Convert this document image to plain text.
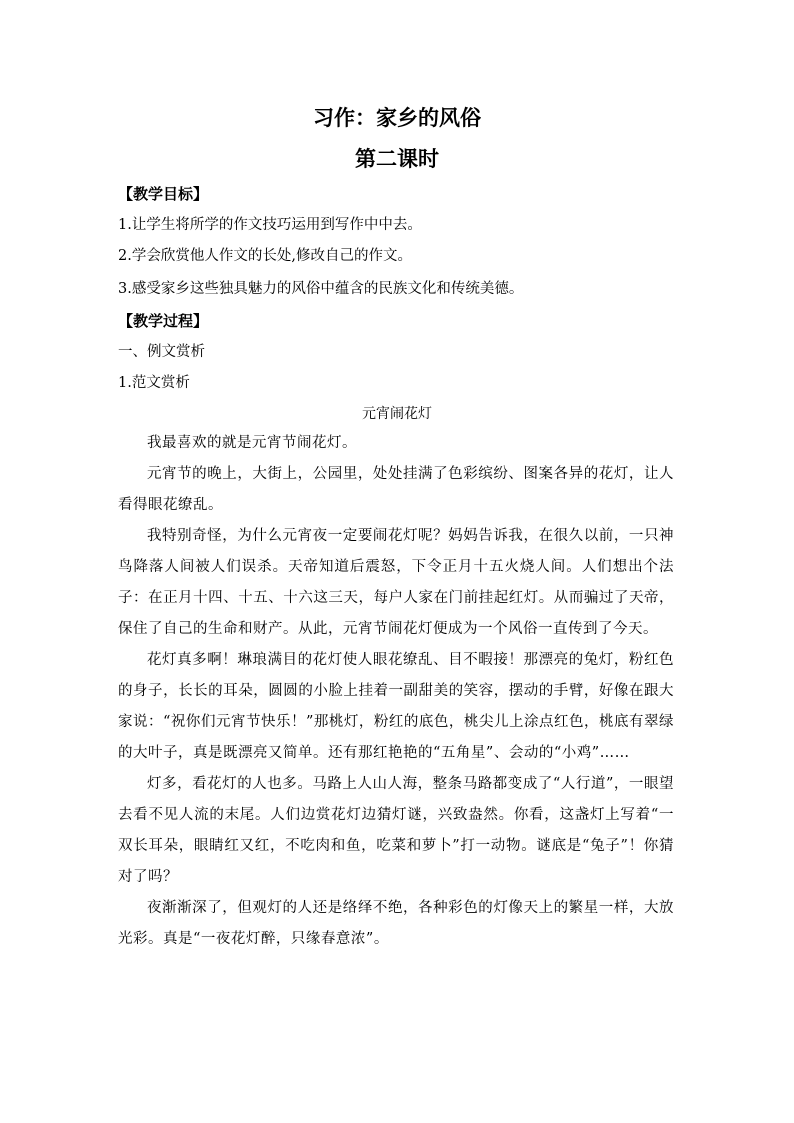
习作：家乡的风俗
第二课时
【教学目标】
1.让学生将所学的作文技巧运用到写作中中去。
2.学会欣赏他人作文的长处,修改自己的作文。
3.感受家乡这些独具魅力的风俗中蕴含的民族文化和传统美德。
【教学过程】
一、例文赏析
1.范文赏析
元宵闹花灯

我最喜欢的就是元宵节闹花灯。

元宵节的晚上，大街上，公园里，处处挂满了色彩缤纷、图案各异的花灯，让人看得眼花缭乱。

我特别奇怪，为什么元宵夜一定要闹花灯呢？妈妈告诉我，在很久以前，一只神鸟降落人间被人们误杀。天帝知道后震怒，下令正月十五火烧人间。人们想出个法子：在正月十四、十五、十六这三天，每户人家在门前挂起红灯。从而骗过了天帝，保住了自己的生命和财产。从此，元宵节闹花灯便成为一个风俗一直传到了今天。

花灯真多啊！琳琅满目的花灯使人眼花缭乱、目不暇接！那漂亮的兔灯，粉红色的身子，长长的耳朵，圆圆的小脸上挂着一副甜美的笑容，摆动的手臂，好像在跟大家说：“祝你们元宵节快乐！”那桃灯，粉红的底色，桃尖儿上涂点红色，桃底有翠绿的大叶子，真是既漂亮又简单。还有那红艳艳的“五角星”、会动的“小鸡”……

灯多，看花灯的人也多。马路上人山人海，整条马路都变成了“人行道”，一眼望去看不见人流的末尾。人们边赏花灯边猜灯谜，兴致盎然。你看，这盏灯上写着“一双长耳朵，眼睛红又红，不吃肉和鱼，吃菜和萝卜”打一动物。谜底是“兔子”！你猜对了吗？

夜渐渐深了，但观灯的人还是络绎不绝，各种彩色的灯像天上的繁星一样，大放光彩。真是“一夜花灯醉，只缘春意浓”。
